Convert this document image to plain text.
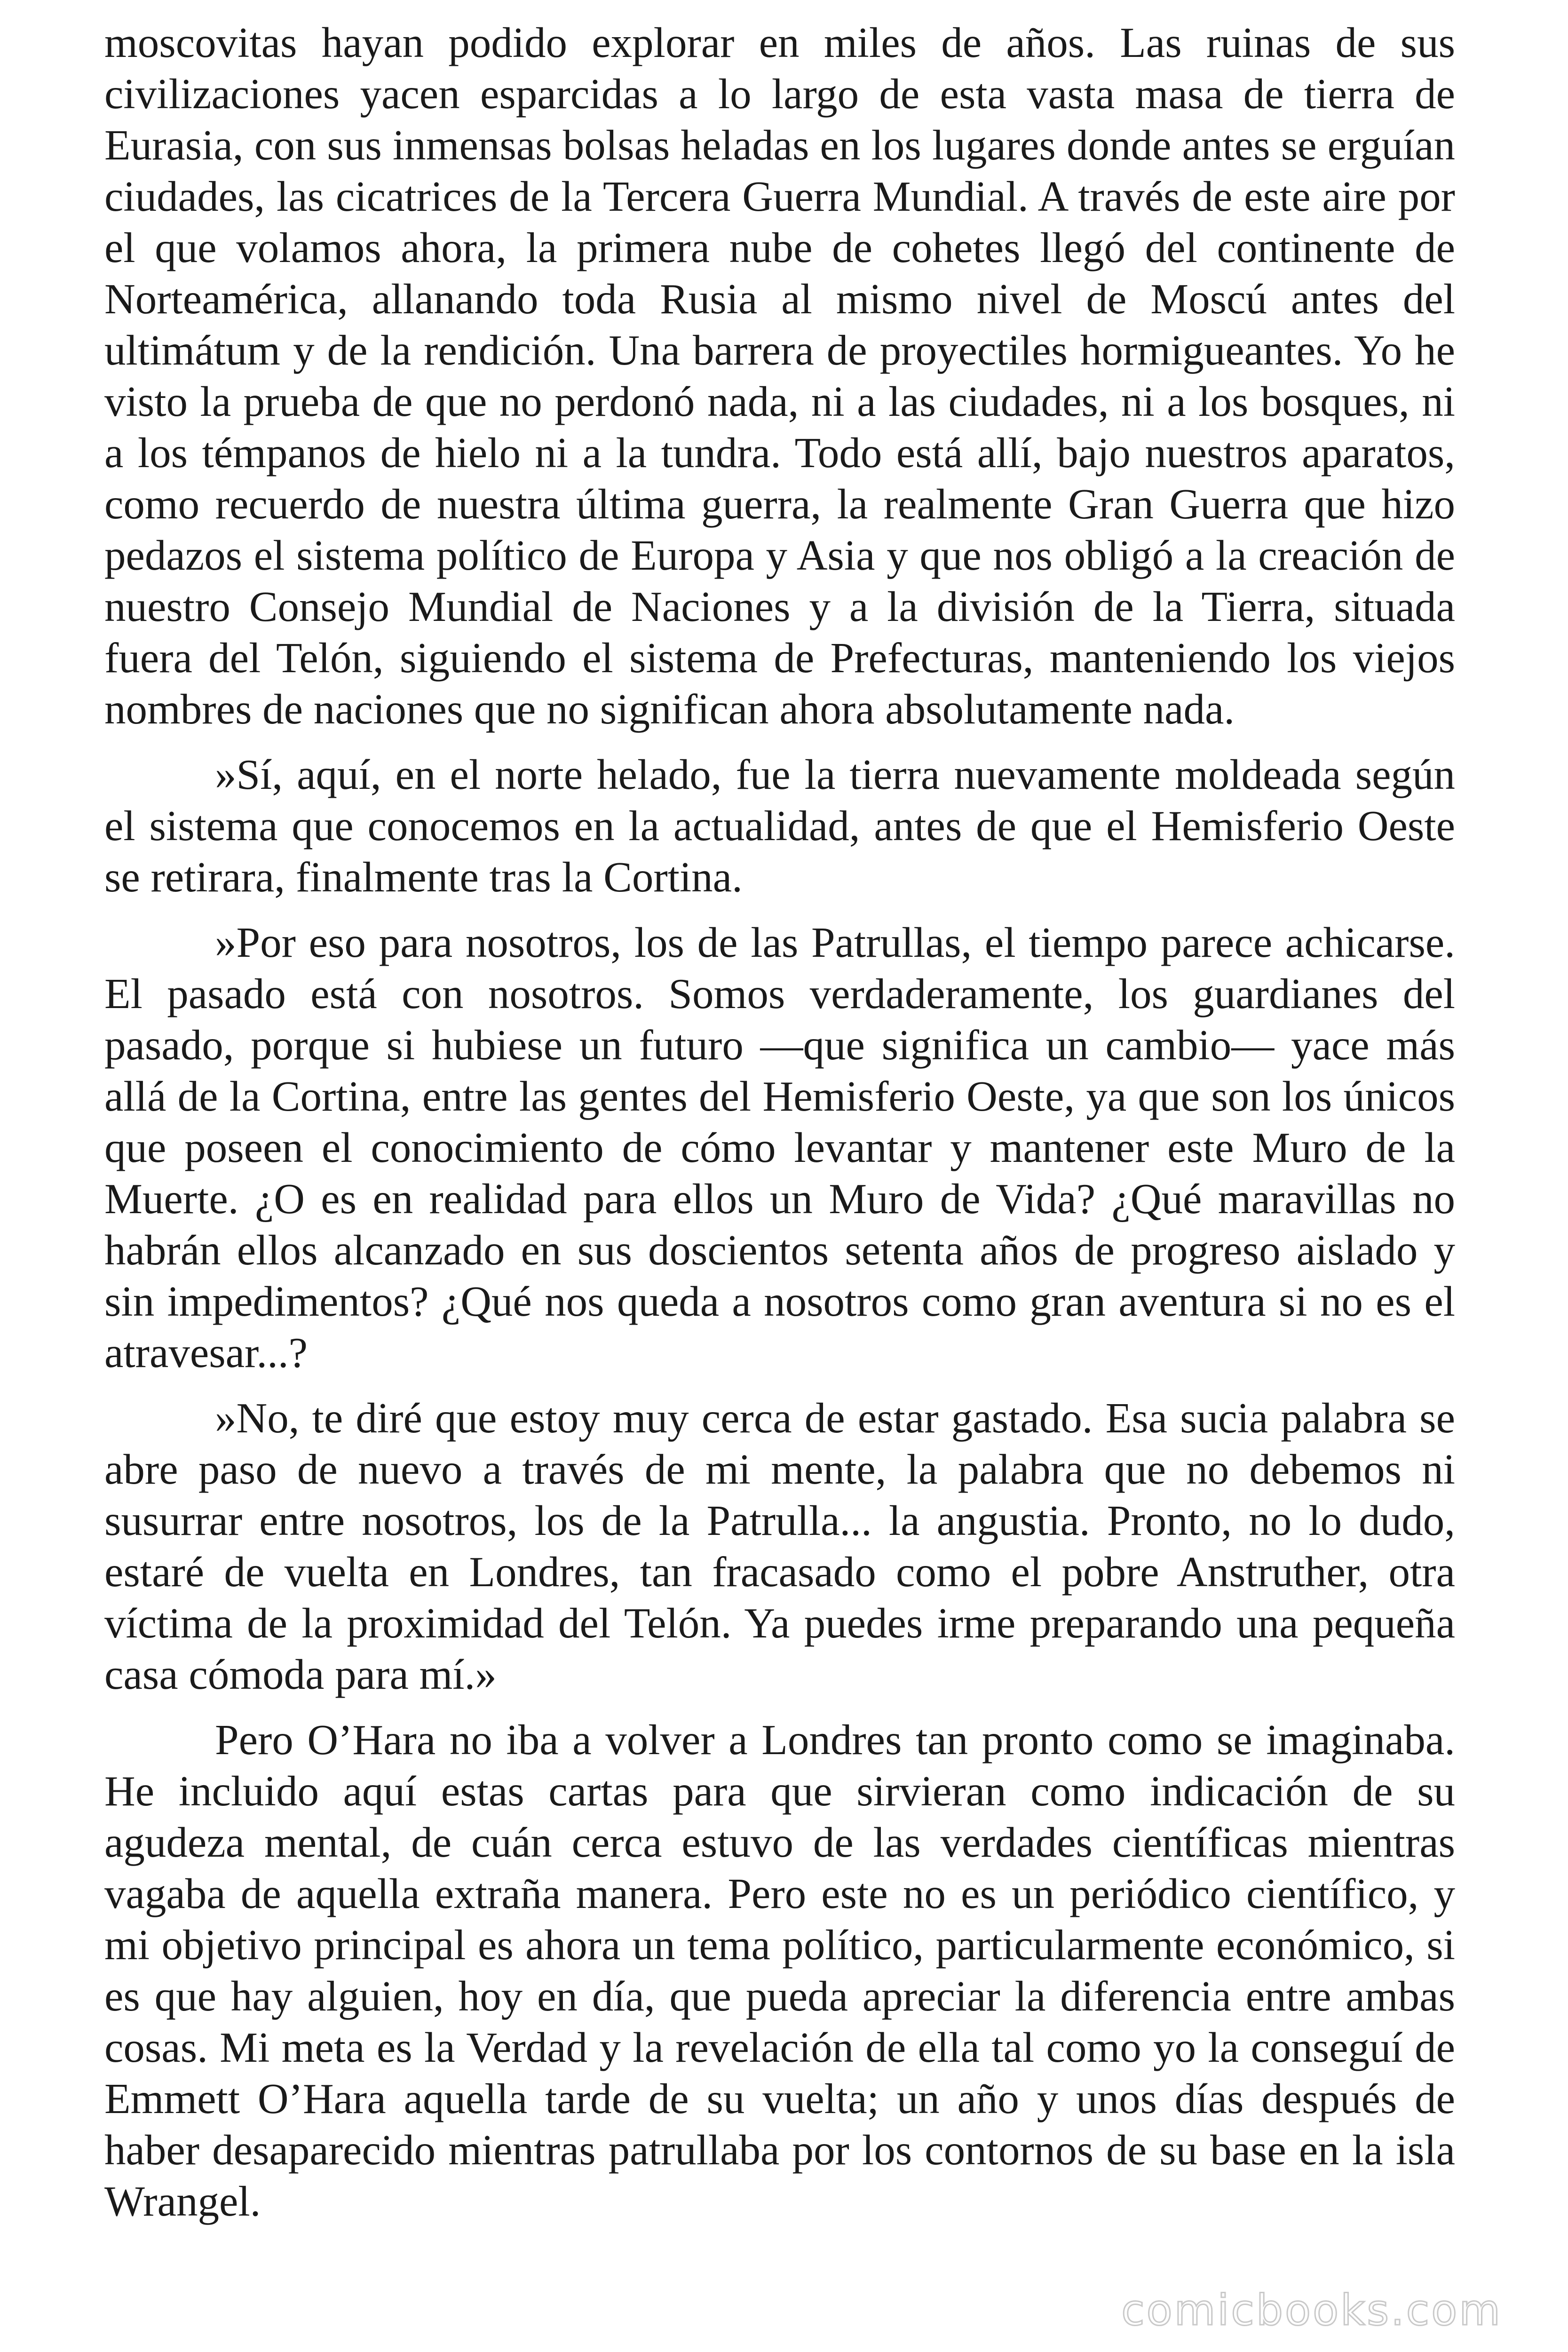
moscovitas hayan podido explorar en miles de años. Las ruinas de sus civilizaciones yacen esparcidas a lo largo de esta vasta masa de tierra de Eurasia, con sus inmensas bolsas heladas en los lugares donde antes se erguían ciudades, las cicatrices de la Tercera Guerra Mundial. A través de este aire por el que volamos ahora, la primera nube de cohetes llegó del continente de Norteamérica, allanando toda Rusia al mismo nivel de Moscú antes del ultimátum y de la rendición. Una barrera de proyectiles hormigueantes. Yo he visto la prueba de que no perdonó nada, ni a las ciudades, ni a los bosques, ni a los témpanos de hielo ni a la tundra. Todo está allí, bajo nuestros aparatos, como recuerdo de nuestra última guerra, la realmente Gran Guerra que hizo pedazos el sistema político de Europa y Asia y que nos obligó a la creación de nuestro Consejo Mundial de Naciones y a la división de la Tierra, situada fuera del Telón, siguiendo el sistema de Prefecturas, manteniendo los viejos nombres de naciones que no significan ahora absolutamente nada.

»Sí, aquí, en el norte helado, fue la tierra nuevamente moldeada según el sistema que conocemos en la actualidad, antes de que el Hemisferio Oeste se retirara, finalmente tras la Cortina.

»Por eso para nosotros, los de las Patrullas, el tiempo parece achicarse. El pasado está con nosotros. Somos verdaderamente, los guardianes del pasado, porque si hubiese un futuro —que significa un cambio— yace más allá de la Cortina, entre las gentes del Hemisferio Oeste, ya que son los únicos que poseen el conocimiento de cómo levantar y mantener este Muro de la Muerte. ¿O es en realidad para ellos un Muro de Vida? ¿Qué maravillas no habrán ellos alcanzado en sus doscientos setenta años de progreso aislado y sin impedimentos? ¿Qué nos queda a nosotros como gran aventura si no es el atravesar...?

»No, te diré que estoy muy cerca de estar gastado. Esa sucia palabra se abre paso de nuevo a través de mi mente, la palabra que no debemos ni susurrar entre nosotros, los de la Patrulla... la angustia. Pronto, no lo dudo, estaré de vuelta en Londres, tan fracasado como el pobre Anstruther, otra víctima de la proximidad del Telón. Ya puedes irme preparando una pequeña casa cómoda para mí.»

Pero O’Hara no iba a volver a Londres tan pronto como se imaginaba. He incluido aquí estas cartas para que sirvieran como indicación de su agudeza mental, de cuán cerca estuvo de las verdades científicas mientras vagaba de aquella extraña manera. Pero este no es un periódico científico, y mi objetivo principal es ahora un tema político, particularmente económico, si es que hay alguien, hoy en día, que pueda apreciar la diferencia entre ambas cosas. Mi meta es la Verdad y la revelación de ella tal como yo la conseguí de Emmett O’Hara aquella tarde de su vuelta; un año y unos días después de haber desaparecido mientras patrullaba por los contornos de su base en la isla Wrangel.

comicbooks.com
